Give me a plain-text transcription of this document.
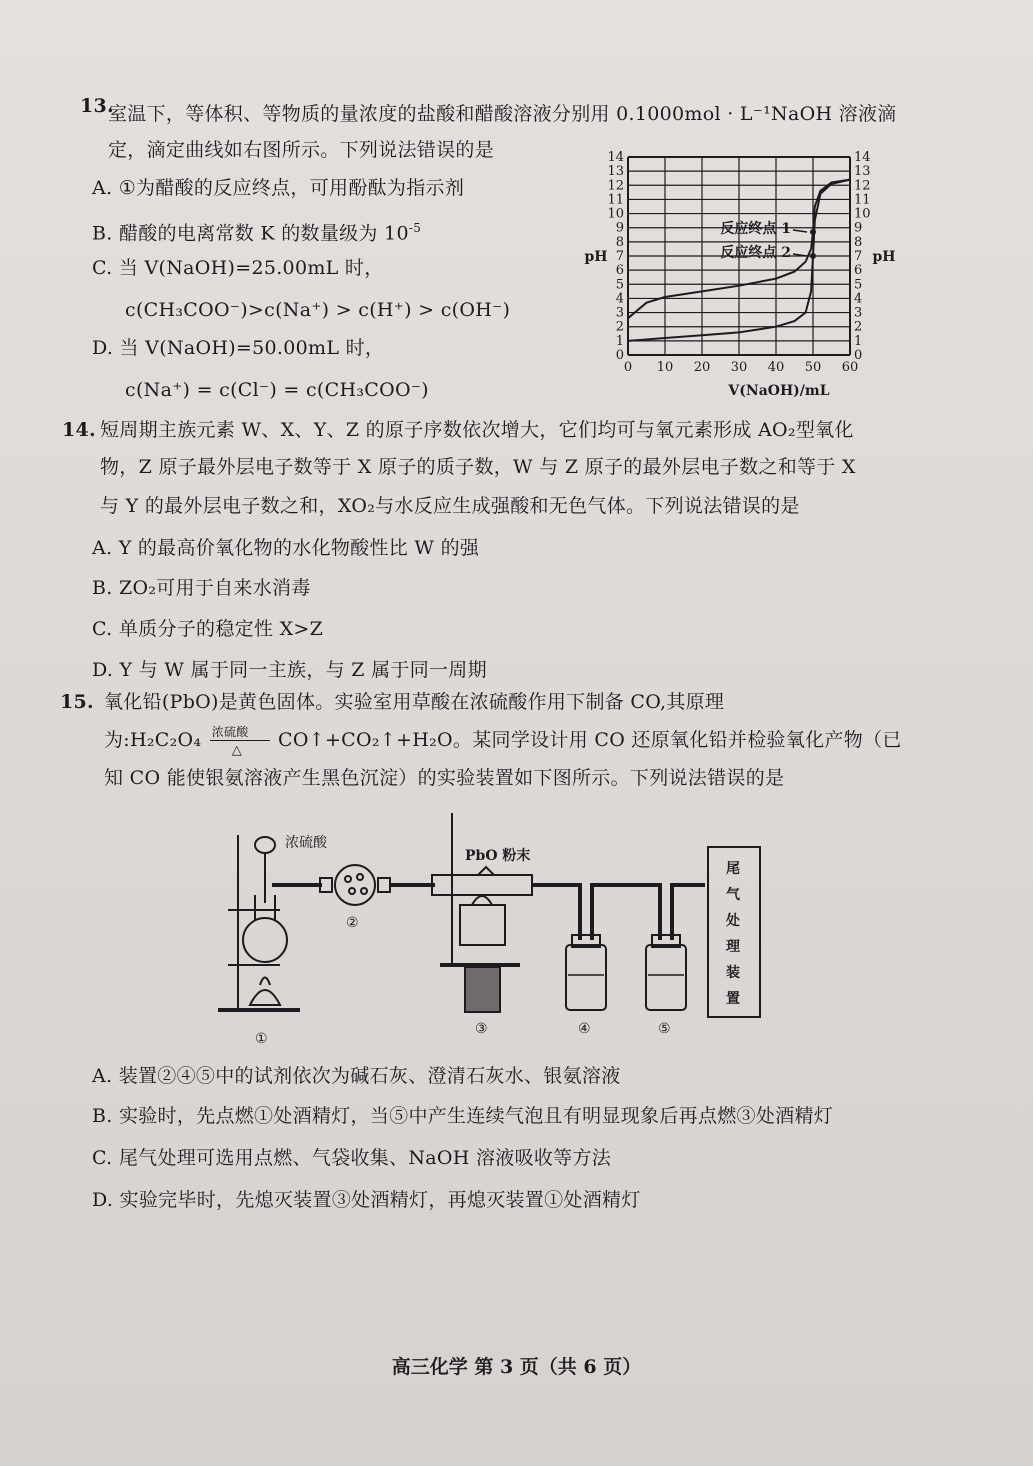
13.
室温下，等体积、等物质的量浓度的盐酸和醋酸溶液分别用 0.1000mol · L⁻¹NaOH 溶液滴
定，滴定曲线如右图所示。下列说法错误的是
A. ①为醋酸的反应终点，可用酚酞为指示剂
B. 醋酸的电离常数 K 的数量级为 $10^{-5}$
C. 当 V(NaOH)=25.00mL 时，
c(CH₃COO⁻)>c(Na⁺) > c(H⁺) > c(OH⁻)
D. 当 V(NaOH)=50.00mL 时，
c(Na⁺) = c(Cl⁻) = c(CH₃COO⁻)
0 10 20 30 40 50 60
0	0
1	1
2	2
3	3
4	4
5	5
6	6
7	7
8	8
9	9
10	10
11	11
12	12
13	13
14	14
反应终点 1
反应终点 2
pH	pH
V(NaOH)/mL
14. 短周期主族元素 W、X、Y、Z 的原子序数依次增大，它们均可与氧元素形成 AO₂型氧化
物，Z 原子最外层电子数等于 X 原子的质子数，W 与 Z 原子的最外层电子数之和等于 X
与 Y 的最外层电子数之和，XO₂与水反应生成强酸和无色气体。下列说法错误的是
A. Y 的最高价氧化物的水化物酸性比 W 的强
B. ZO₂可用于自来水消毒
C. 单质分子的稳定性 X>Z
D. Y 与 W 属于同一主族，与 Z 属于同一周期
15. 氧化铅(PbO)是黄色固体。实验室用草酸在浓硫酸作用下制备 CO,其原理
为:H₂C₂O₄ 浓硫酸
△ CO↑+CO₂↑+H₂O。某同学设计用 CO 还原氧化铅并检验氧化产物（已
知 CO 能使银氨溶液产生黑色沉淀）的实验装置如下图所示。下列说法错误的是
浓硫酸
PbO 粉末
尾
气
处
理
装
置
①
②
③	④	⑤
A. 装置②④⑤中的试剂依次为碱石灰、澄清石灰水、银氨溶液
B. 实验时，先点燃①处酒精灯，当⑤中产生连续气泡且有明显现象后再点燃③处酒精灯
C. 尾气处理可选用点燃、气袋收集、NaOH 溶液吸收等方法
D. 实验完毕时，先熄灭装置③处酒精灯，再熄灭装置①处酒精灯
高三化学 第 3 页（共 6 页）
